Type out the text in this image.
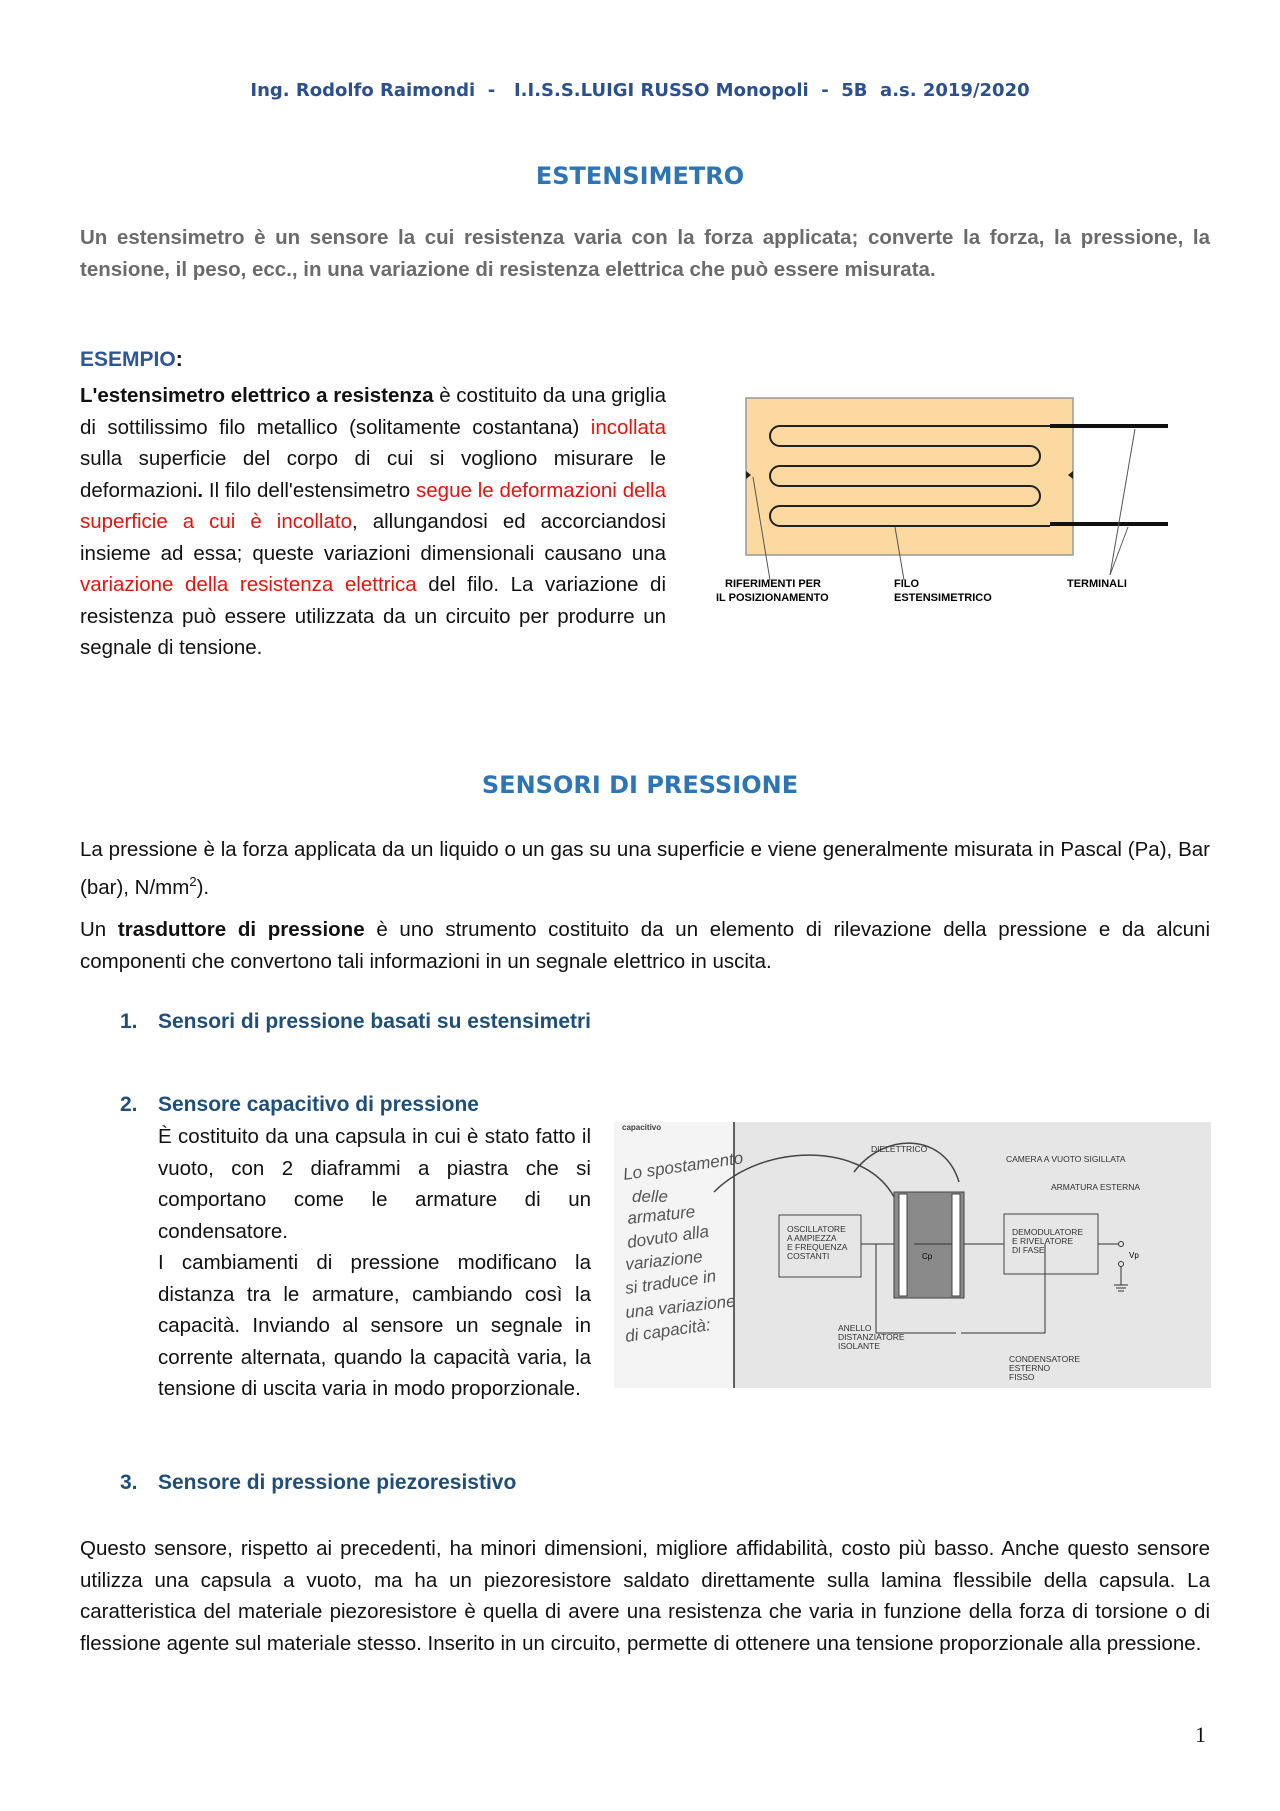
Ing. Rodolfo Raimondi  -   I.I.S.S.LUIGI RUSSO Monopoli  -  5B  a.s. 2019/2020
ESTENSIMETRO
Un estensimetro è un sensore la cui resistenza varia con la forza applicata; converte la forza, la pressione, la tensione, il peso, ecc., in una variazione di resistenza elettrica che può essere misurata.
ESEMPIO:
L'estensimetro elettrico a resistenza è costituito da una griglia di sottilissimo filo metallico (solitamente costantana) incollata sulla superficie del corpo di cui si vogliono misurare le deformazioni. Il filo dell'estensimetro segue le deformazioni della superficie a cui è incollato, allungandosi ed accorciandosi insieme ad essa; queste variazioni dimensionali causano una variazione della resistenza elettrica del filo. La variazione di resistenza può essere utilizzata da un circuito per produrre un segnale di tensione.
RIFERIMENTI PER
IL POSIZIONAMENTO
FILO
ESTENSIMETRICO
TERMINALI
SENSORI DI PRESSIONE
La pressione è la forza applicata da un liquido o un gas su una superficie e viene generalmente misurata in Pascal (Pa), Bar (bar), $N/mm^2$).
Un trasduttore di pressione è uno strumento costituito da un elemento di rilevazione della pressione e da alcuni componenti che convertono tali informazioni in un segnale elettrico in uscita.
1. Sensori di pressione basati su estensimetri
2. Sensore capacitivo di pressione
È costituito da una capsula in cui è stato fatto il vuoto, con 2 diaframmi a piastra che si comportano come le armature di un condensatore.
I cambiamenti di pressione modificano la distanza tra le armature, cambiando così la capacità. Inviando al sensore un segnale in corrente alternata, quando la capacità varia, la tensione di uscita varia in modo proporzionale.
capacitivo
Lo spostamento
delle
armature
dovuto alla
variazione
si traduce in
una variazione
di capacità:
OSCILLATORE
A AMPIEZZA
E FREQUENZA
COSTANTI	Cp
DEMODULATORE
E RIVELATORE
DI FASE
Vp
DIELETTRICO
CAMERA A VUOTO SIGILLATA
ARMATURA ESTERNA
ANELLO
DISTANZIATORE
ISOLANTE
CONDENSATORE
ESTERNO
FISSO
3. Sensore di pressione piezoresistivo
Questo sensore, rispetto ai precedenti, ha minori dimensioni, migliore affidabilità, costo più basso. Anche questo sensore utilizza una capsula a vuoto, ma ha un piezoresistore saldato direttamente sulla lamina flessibile della capsula. La caratteristica del materiale piezoresistore è quella di avere una resistenza che varia in funzione della forza di torsione o di flessione agente sul materiale stesso. Inserito in un circuito, permette di ottenere una tensione proporzionale alla pressione.
1
